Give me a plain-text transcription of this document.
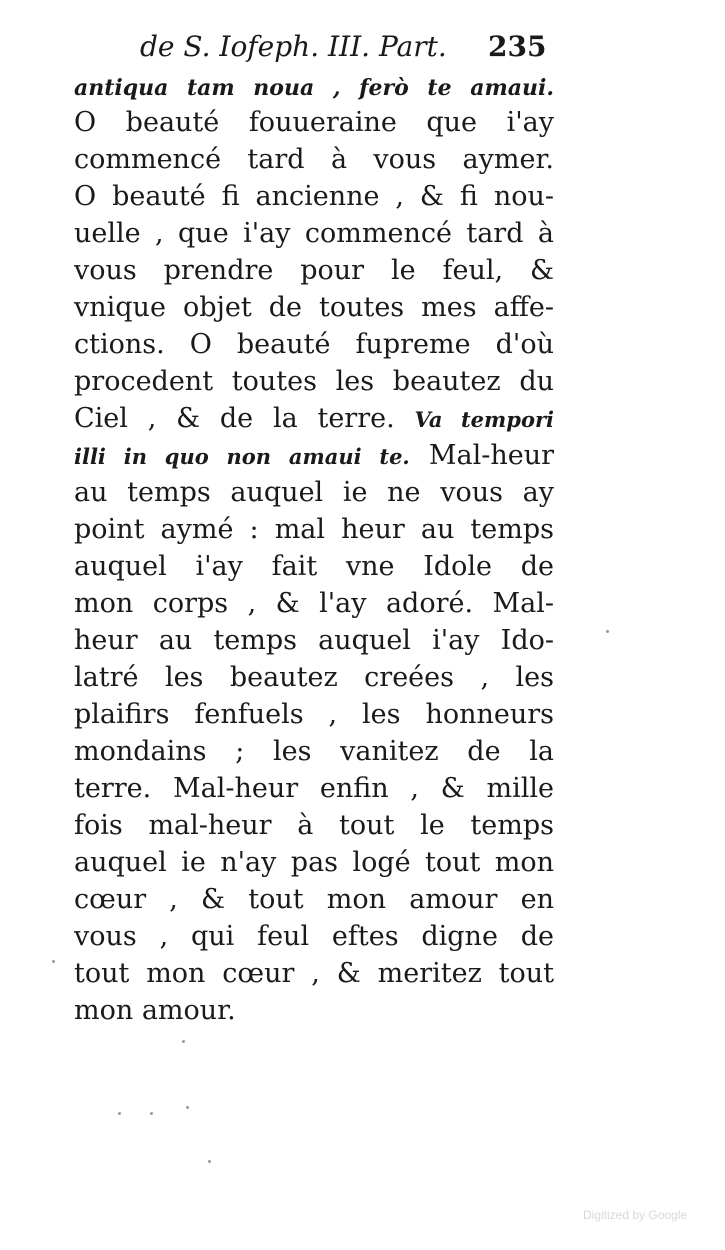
de S. Iofeph. III. Part. 235
antiqua tam noua , ferò te amaui.
O beauté fouueraine que i'ay
commencé tard à vous aymer.
O beauté fi ancienne , & fi nou-
uelle , que i'ay commencé tard à
vous prendre pour le feul, &
vnique objet de toutes mes affe-
ctions. O beauté fupreme d'où
procedent toutes les beautez du
Ciel , & de la terre. Va tempori
illi in quo non amaui te. Mal-heur
au temps auquel ie ne vous ay
point aymé : mal heur au temps
auquel i'ay fait vne Idole de
mon corps , & l'ay adoré. Mal-
heur au temps auquel i'ay Ido-
latré les beautez creées , les
plaifirs fenfuels , les honneurs
mondains ; les vanitez de la
terre. Mal-heur enfin , & mille
fois mal-heur à tout le temps
auquel ie n'ay pas logé tout mon
cœur , & tout mon amour en
vous , qui feul eftes digne de
tout mon cœur , & meritez tout
mon amour.
Digitized by Google
